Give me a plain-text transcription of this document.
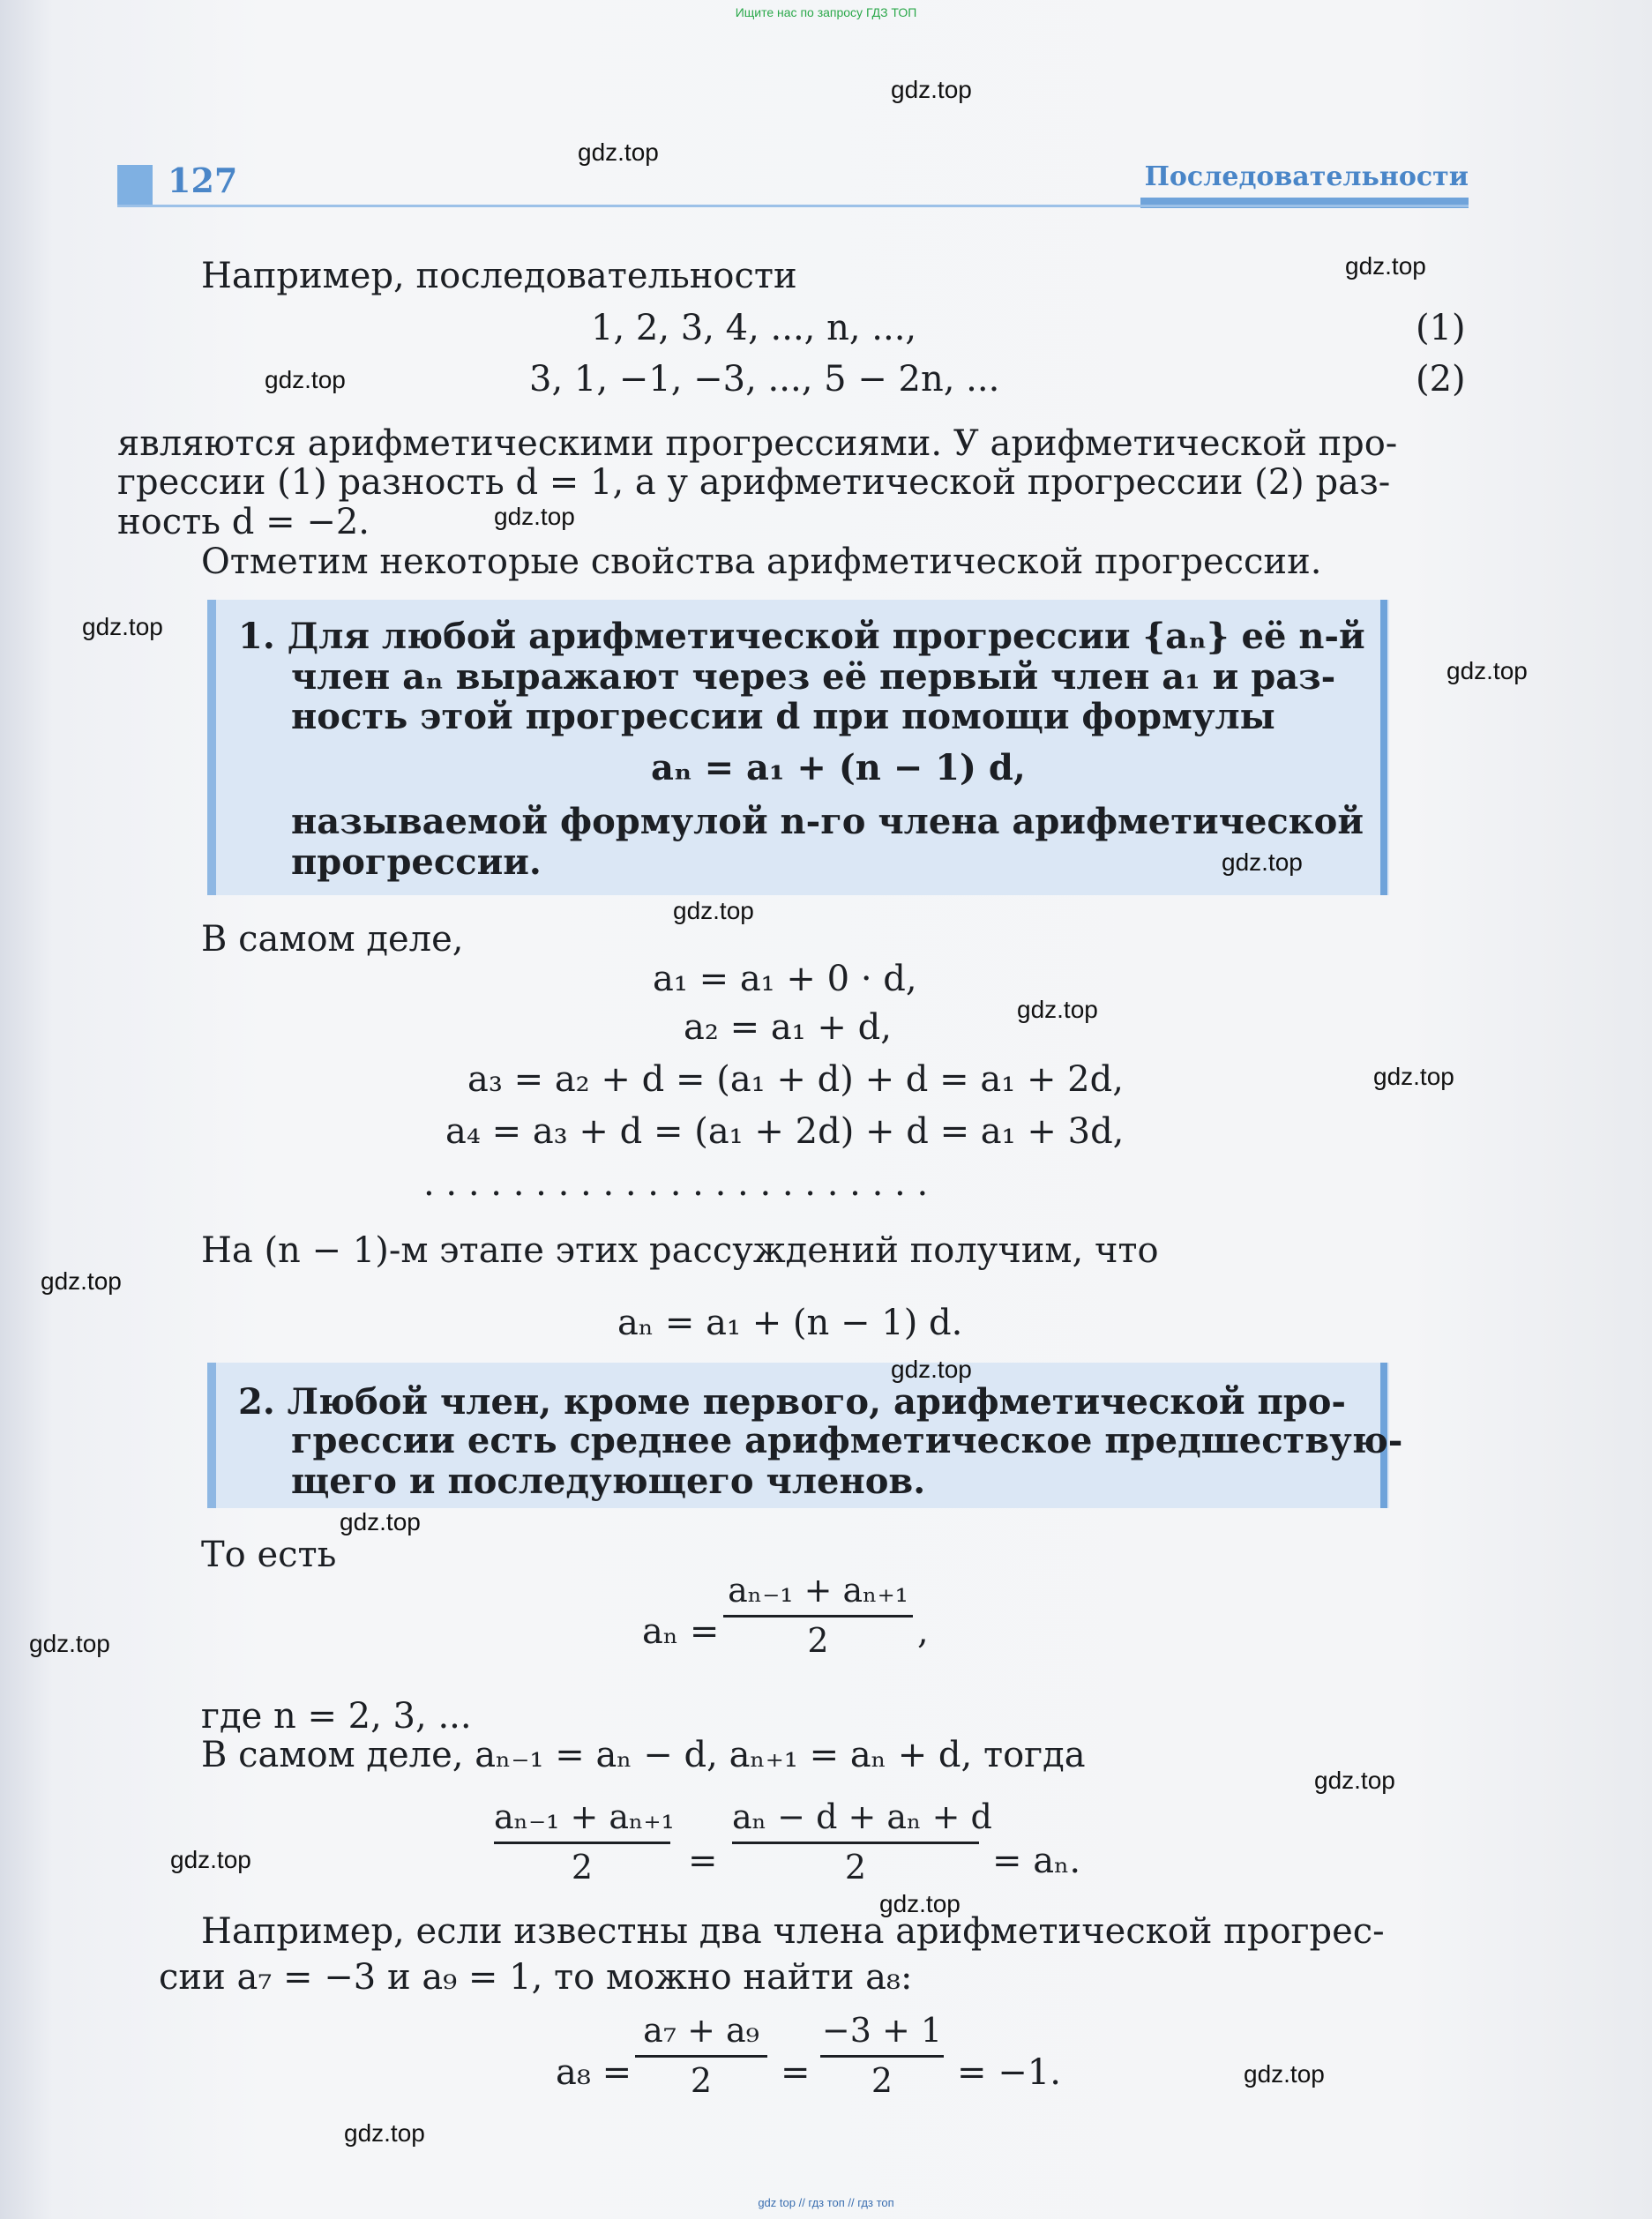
Ищите нас по запросу ГДЗ ТОП
127	Последовательности
Например, последовательности
1, 2, 3, 4, ..., n, ...,	(1)
3, 1, −1, −3, ..., 5 − 2n, ...	(2)
являются арифметическими прогрессиями. У арифметической про-
грессии (1) разность d = 1, а у арифметической прогрессии (2) раз-
ность d = −2.
Отметим некоторые свойства арифметической прогрессии.
1. Для любой арифметической прогрессии {aₙ} её n-й
член aₙ выражают через её первый член a₁ и раз-
ность этой прогрессии d при помощи формулы
aₙ = a₁ + (n − 1) d,
называемой формулой n-го члена арифметической
прогрессии.
В самом деле,
a₁ = a₁ + 0 · d,
a₂ = a₁ + d,
a₃ = a₂ + d = (a₁ + d) + d = a₁ + 2d,
a₄ = a₃ + d = (a₁ + 2d) + d = a₁ + 3d,
. . . . . . . . . . . . . . . . . . . . . . .
На (n − 1)-м этапе этих рассуждений получим, что
aₙ = a₁ + (n − 1) d.
2. Любой член, кроме первого, арифметической про-
грессии есть среднее арифметическое предшествую-
щего и последующего членов.
То есть
aₙ =
aₙ₋₁ + aₙ₊₁
2	,
где n = 2, 3, ...
В самом деле, aₙ₋₁ = aₙ − d, aₙ₊₁ = aₙ + d, тогда
aₙ₋₁ + aₙ₊₁
2	=
aₙ − d + aₙ + d
2	= aₙ.
Например, если известны два члена арифметической прогрес-
сии a₇ = −3 и a₉ = 1, то можно найти a₈:
a₈ =
a₇ + a₉
2	=
−3 + 1
2	= −1.
gdz.top
gdz.top
gdz.top
gdz.top
gdz.top
gdz.top
gdz.top
gdz.top
gdz.top
gdz.top
gdz.top
gdz.top
gdz.top
gdz.top
gdz.top
gdz.top
gdz.top
gdz.top
gdz.top
gdz.top
gdz top // гдз топ // гдз топ
